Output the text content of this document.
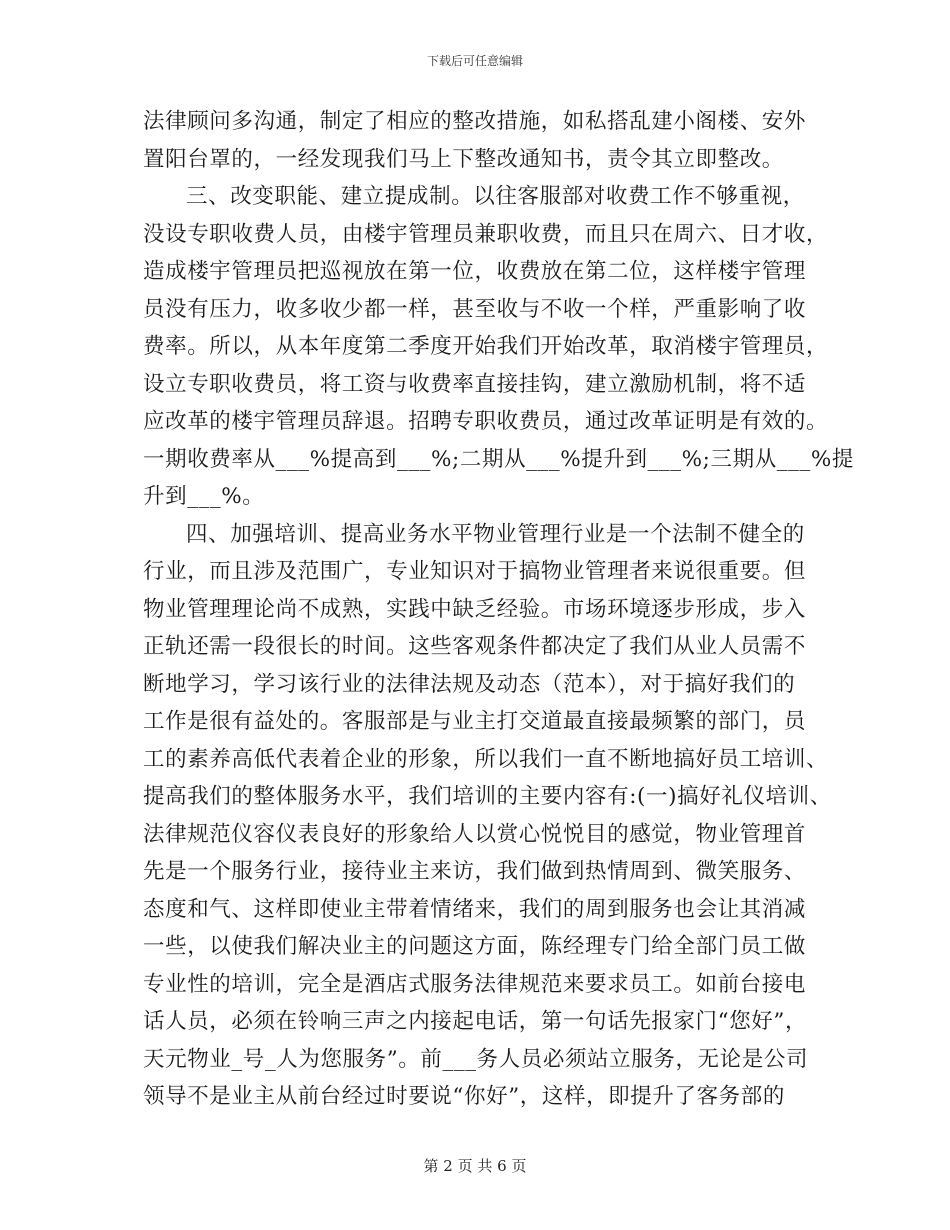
下载后可任意编辑
法律顾问多沟通，制定了相应的整改措施，如私搭乱建小阁楼、安外
置阳台罩的，一经发现我们马上下整改通知书，责令其立即整改。
三、改变职能、建立提成制。以往客服部对收费工作不够重视，
没设专职收费人员，由楼宇管理员兼职收费，而且只在周六、日才收，
造成楼宇管理员把巡视放在第一位，收费放在第二位，这样楼宇管理
员没有压力，收多收少都一样，甚至收与不收一个样，严重影响了收
费率。所以，从本年度第二季度开始我们开始改革，取消楼宇管理员，
设立专职收费员，将工资与收费率直接挂钩，建立激励机制，将不适
应改革的楼宇管理员辞退。招聘专职收费员，通过改革证明是有效的。
一期收费率从___%提高到___%;二期从___%提升到___%;三期从___%提
升到___%。
四、加强培训、提高业务水平物业管理行业是一个法制不健全的
行业，而且涉及范围广，专业知识对于搞物业管理者来说很重要。但
物业管理理论尚不成熟，实践中缺乏经验。市场环境逐步形成，步入
正轨还需一段很长的时间。这些客观条件都决定了我们从业人员需不
断地学习，学习该行业的法律法规及动态（范本），对于搞好我们的
工作是很有益处的。客服部是与业主打交道最直接最频繁的部门，员
工的素养高低代表着企业的形象，所以我们一直不断地搞好员工培训、
提高我们的整体服务水平，我们培训的主要内容有:(一)搞好礼仪培训、
法律规范仪容仪表良好的形象给人以赏心悦悦目的感觉，物业管理首
先是一个服务行业，接待业主来访，我们做到热情周到、微笑服务、
态度和气、这样即使业主带着情绪来，我们的周到服务也会让其消减
一些，以使我们解决业主的问题这方面，陈经理专门给全部门员工做
专业性的培训，完全是酒店式服务法律规范来要求员工。如前台接电
话人员，必须在铃响三声之内接起电话，第一句话先报家门“您好”，
天元物业_号_人为您服务”。前___务人员必须站立服务，无论是公司
领导不是业主从前台经过时要说“你好”，这样，即提升了客务部的
第 2 页 共 6 页
